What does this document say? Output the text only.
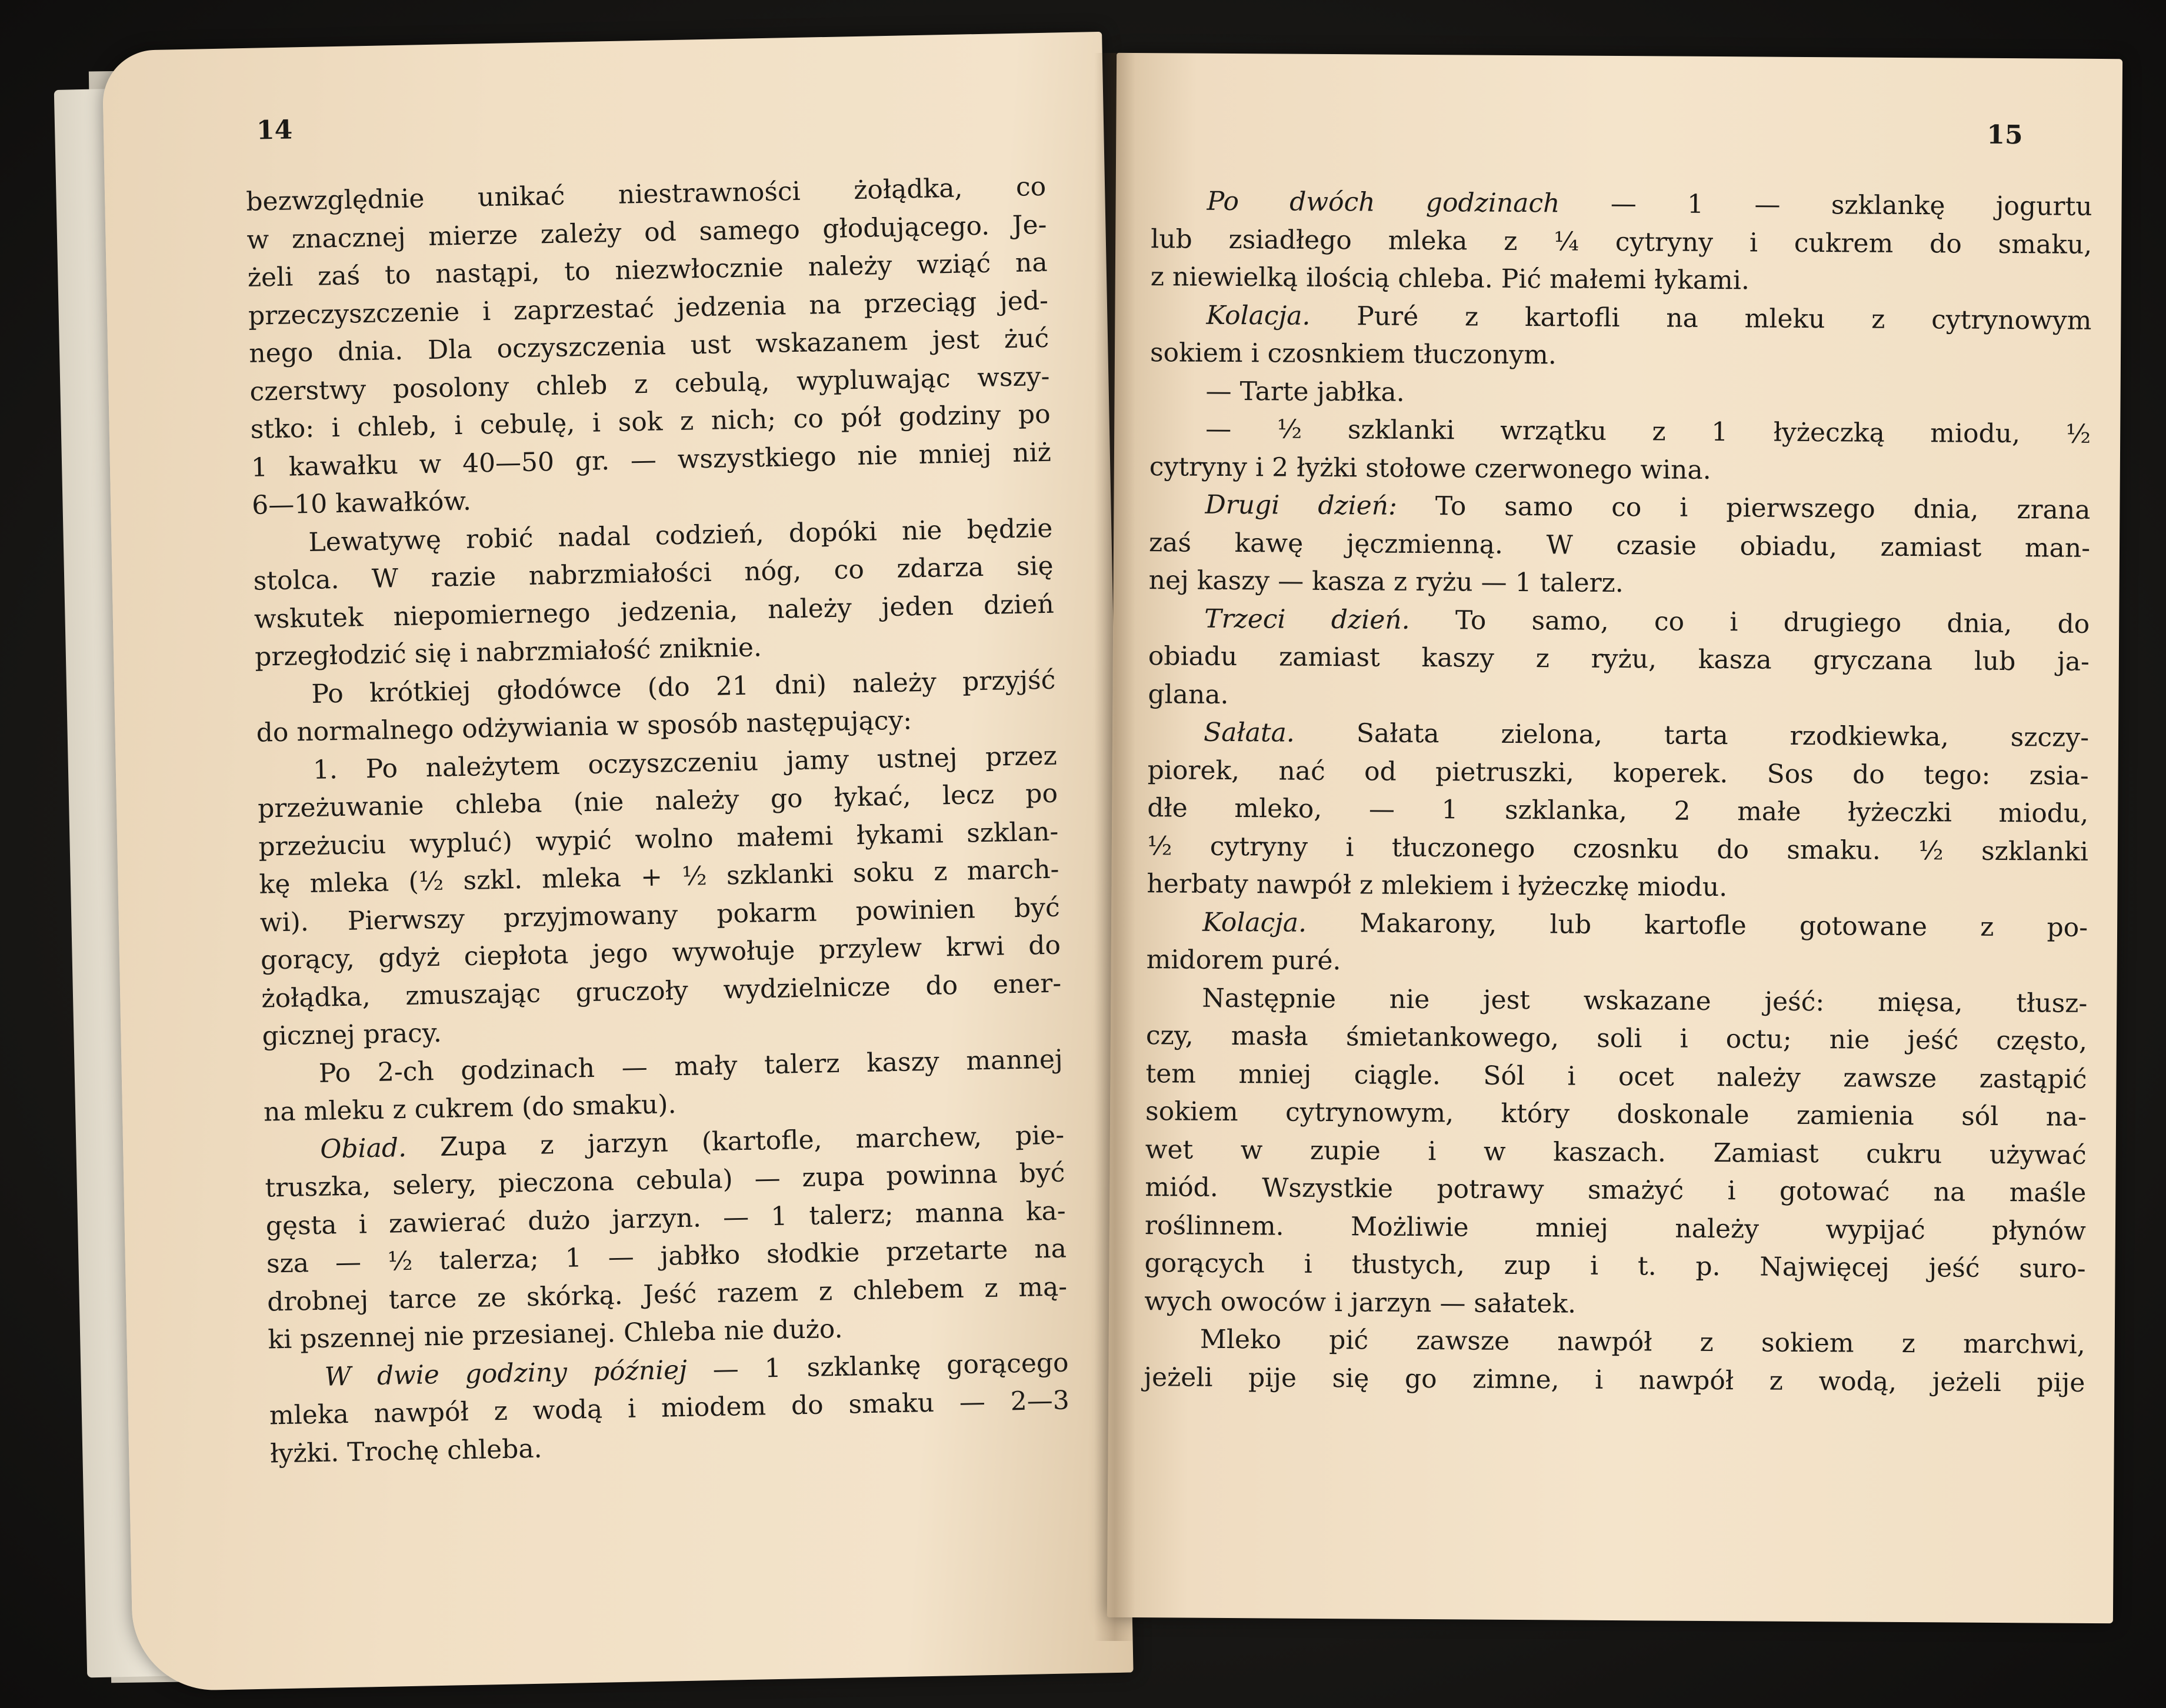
14
bezwzględnie unikać niestrawności żołądka, co
w znacznej mierze zależy od samego głodującego. Je-
żeli zaś to nastąpi, to niezwłocznie należy wziąć na
przeczyszczenie i zaprzestać jedzenia na przeciąg jed-
nego dnia. Dla oczyszczenia ust wskazanem jest żuć
czerstwy posolony chleb z cebulą, wypluwając wszy-
stko: i chleb, i cebulę, i sok z nich; co pół godziny po
1 kawałku w 40—50 gr. — wszystkiego nie mniej niż
6—10 kawałków.
Lewatywę robić nadal codzień, dopóki nie będzie
stolca. W razie nabrzmiałości nóg, co zdarza się
wskutek niepomiernego jedzenia, należy jeden dzień
przegłodzić się i nabrzmiałość zniknie.
Po krótkiej głodówce (do 21 dni) należy przyjść
do normalnego odżywiania w sposób następujący:
1. Po należytem oczyszczeniu jamy ustnej przez
przeżuwanie chleba (nie należy go łykać, lecz po
przeżuciu wypluć) wypić wolno małemi łykami szklan-
kę mleka (½ szkl. mleka + ½ szklanki soku z march-
wi). Pierwszy przyjmowany pokarm powinien być
gorący, gdyż ciepłota jego wywołuje przylew krwi do
żołądka, zmuszając gruczoły wydzielnicze do ener-
gicznej pracy.
Po 2-ch godzinach — mały talerz kaszy mannej
na mleku z cukrem (do smaku).
Obiad. Zupa z jarzyn (kartofle, marchew, pie-
truszka, selery, pieczona cebula) — zupa powinna być
gęsta i zawierać dużo jarzyn. — 1 talerz; manna ka-
sza — ½ talerza; 1 — jabłko słodkie przetarte na
drobnej tarce ze skórką. Jeść razem z chlebem z mą-
ki pszennej nie przesianej. Chleba nie dużo.
W dwie godziny później — 1 szklankę gorącego
mleka nawpół z wodą i miodem do smaku — 2—3
łyżki. Trochę chleba.
15
Po dwóch godzinach — 1 — szklankę jogurtu
lub zsiadłego mleka z ¼ cytryny i cukrem do smaku,
z niewielką ilością chleba. Pić małemi łykami.
Kolacja. Puré z kartofli na mleku z cytrynowym
sokiem i czosnkiem tłuczonym.
— Tarte jabłka.
— ½ szklanki wrzątku z 1 łyżeczką miodu, ½
cytryny i 2 łyżki stołowe czerwonego wina.
Drugi dzień: To samo co i pierwszego dnia, zrana
zaś kawę jęczmienną. W czasie obiadu, zamiast man-
nej kaszy — kasza z ryżu — 1 talerz.
Trzeci dzień. To samo, co i drugiego dnia, do
obiadu zamiast kaszy z ryżu, kasza gryczana lub ja-
glana.
Sałata. Sałata zielona, tarta rzodkiewka, szczy-
piorek, nać od pietruszki, koperek. Sos do tego: zsia-
dłe mleko, — 1 szklanka, 2 małe łyżeczki miodu,
½ cytryny i tłuczonego czosnku do smaku. ½ szklanki
herbaty nawpół z mlekiem i łyżeczkę miodu.
Kolacja. Makarony, lub kartofle gotowane z po-
midorem puré.
Następnie nie jest wskazane jeść: mięsa, tłusz-
czy, masła śmietankowego, soli i octu; nie jeść często,
tem mniej ciągle. Sól i ocet należy zawsze zastąpić
sokiem cytrynowym, który doskonale zamienia sól na-
wet w zupie i w kaszach. Zamiast cukru używać
miód. Wszystkie potrawy smażyć i gotować na maśle
roślinnem. Możliwie mniej należy wypijać płynów
gorących i tłustych, zup i t. p. Najwięcej jeść suro-
wych owoców i jarzyn — sałatek.
Mleko pić zawsze nawpół z sokiem z marchwi,
jeżeli pije się go zimne, i nawpół z wodą, jeżeli pije
